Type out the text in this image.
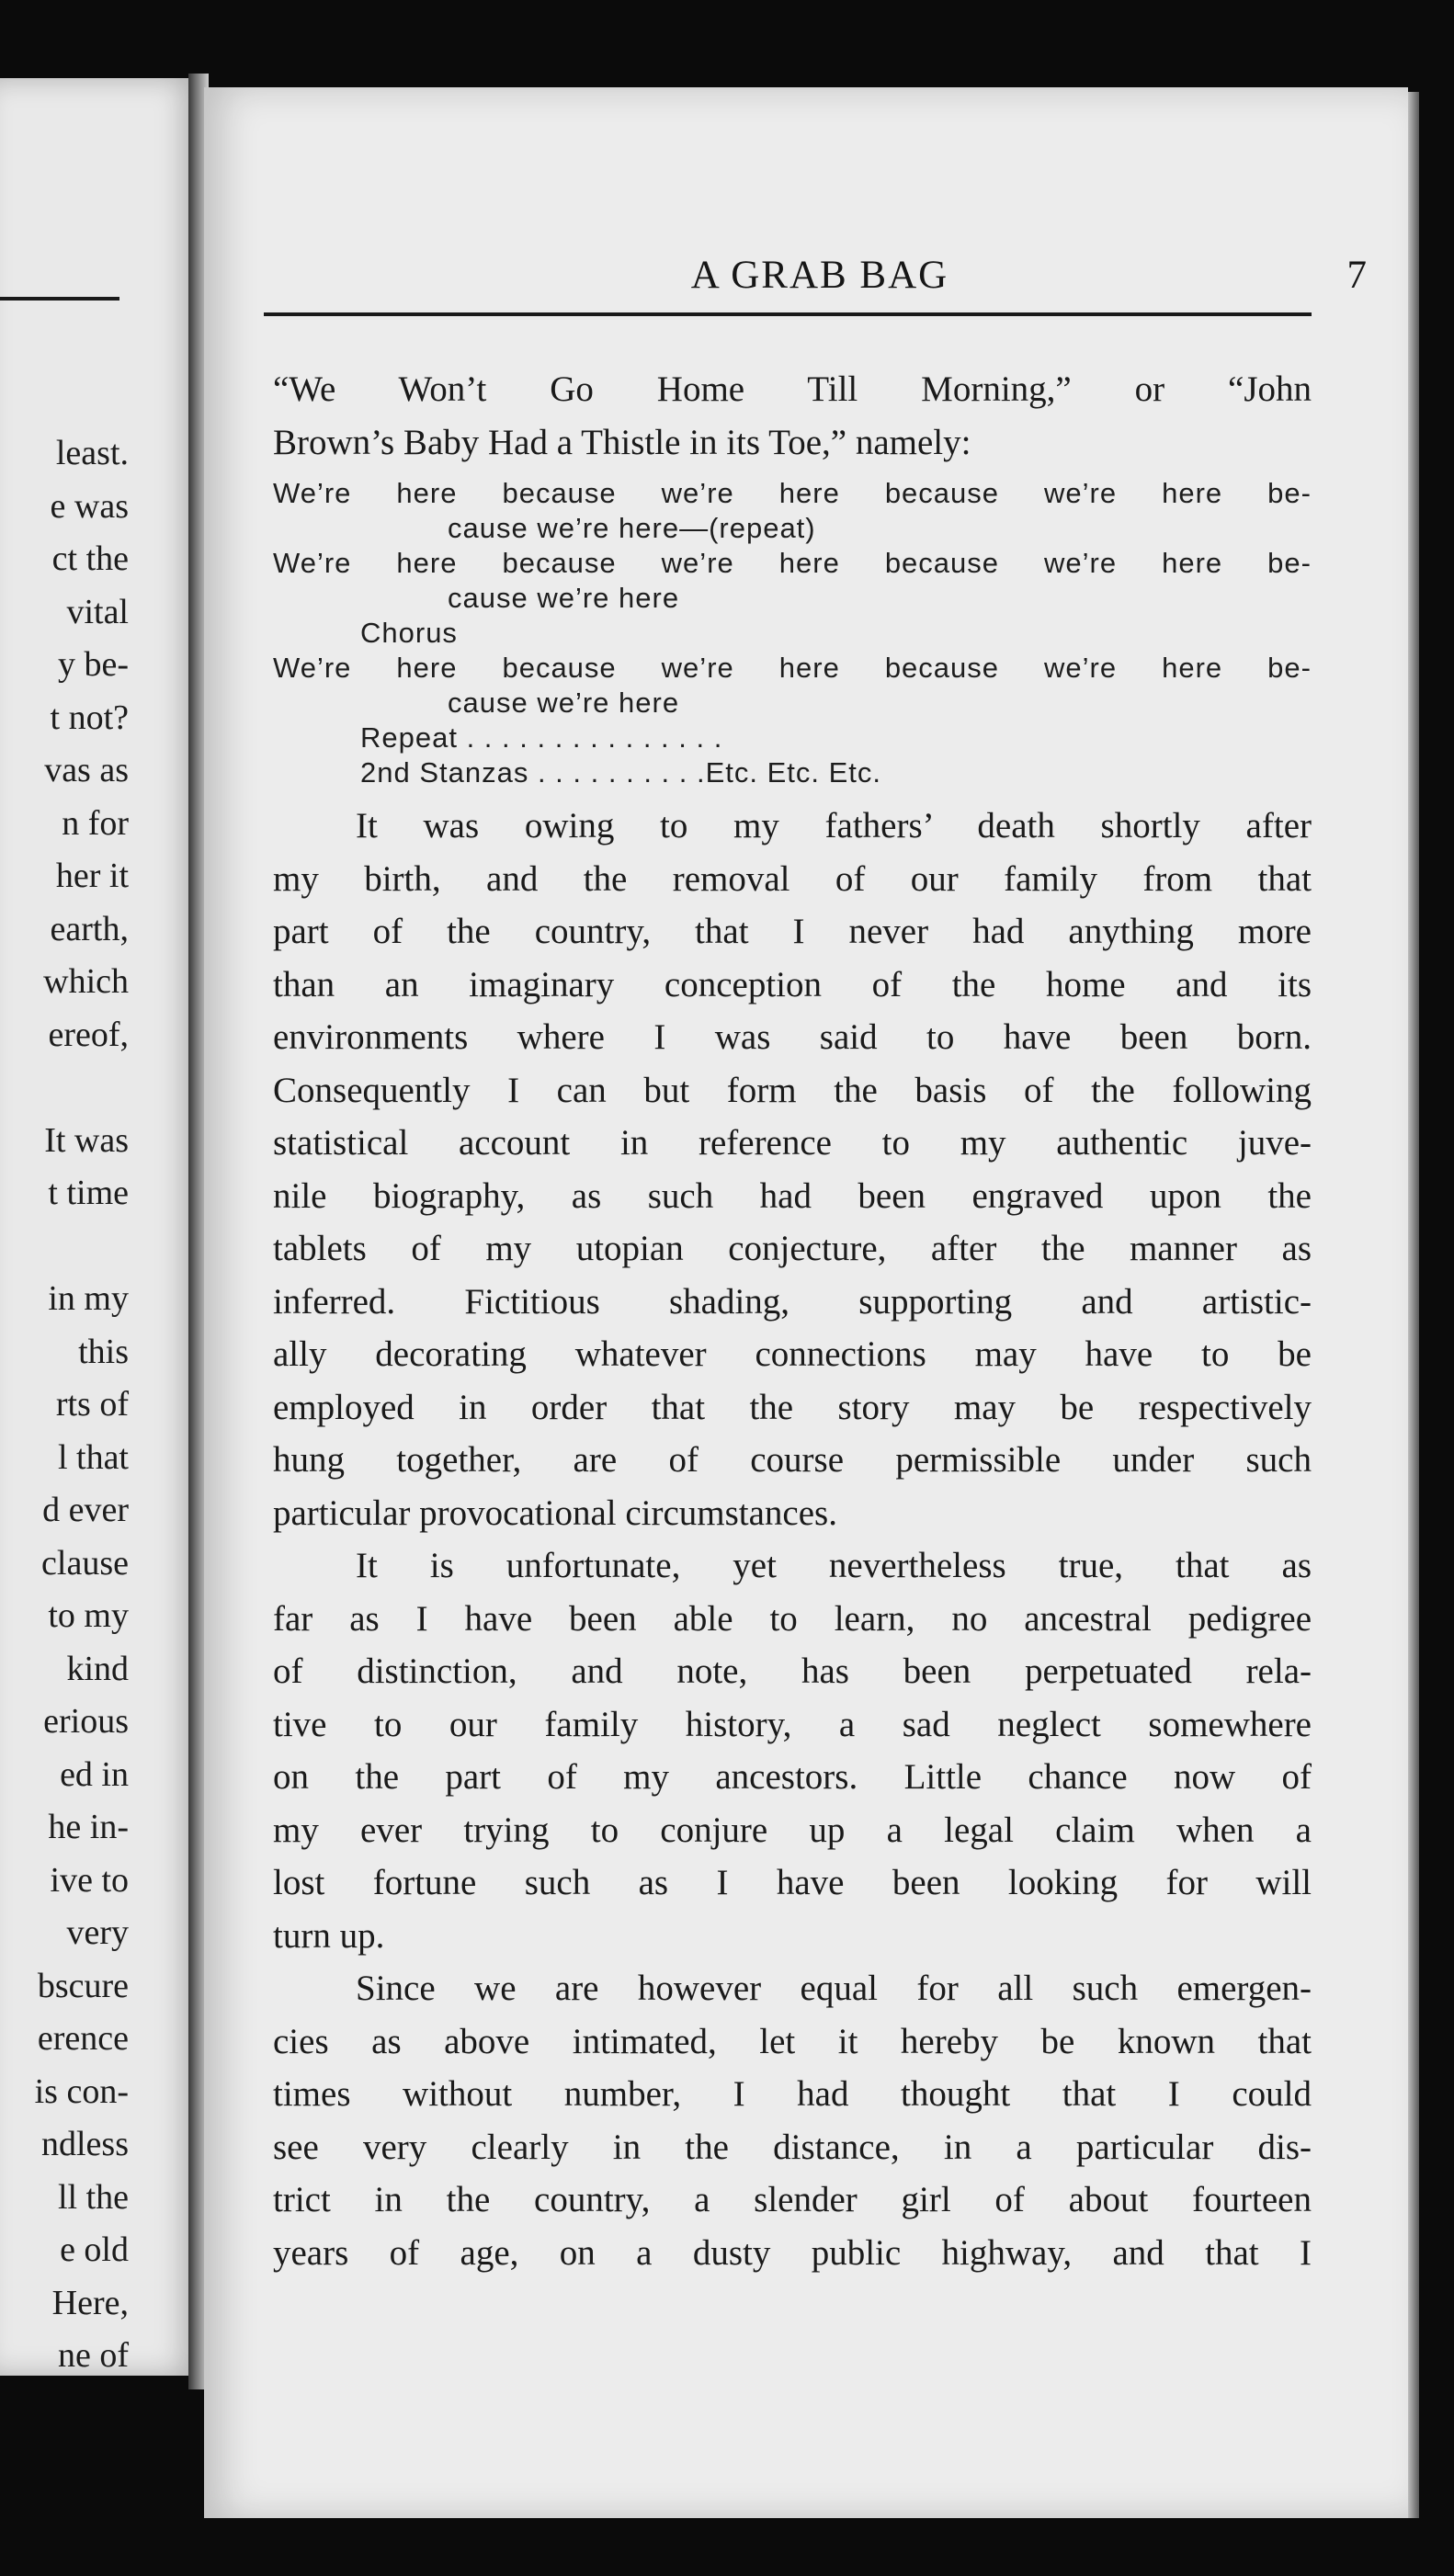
least.
e was
ct the
vital
y be-
t not?
vas as
n for
her it
earth,
which
ereof,
It was
t time
in my
this
rts of
l that
d ever
clause
to my
kind
erious
ed in
he in-
ive to
very
bscure
erence
is con-
ndless
ll the
e old
Here,
ne of
A GRAB BAG	7
“We Won’t Go Home Till Morning,” or “John
Brown’s Baby Had a Thistle in its Toe,” namely:
We’re here because we’re here because we’re here be-
cause we’re here—(repeat)
We’re here because we’re here because we’re here be-
cause we’re here
Chorus
We’re here because we’re here because we’re here be-
cause we’re here
Repeat . . . . . . . . . . . . . . .
2nd Stanzas . . . . . . . . . .Etc. Etc. Etc.
It was owing to my fathers’ death shortly after
my birth, and the removal of our family from that
part of the country, that I never had anything more
than an imaginary conception of the home and its
environments where I was said to have been born.
Consequently I can but form the basis of the following
statistical account in reference to my authentic juve-
nile biography, as such had been engraved upon the
tablets of my utopian conjecture, after the manner as
inferred. Fictitious shading, supporting and artistic-
ally decorating whatever connections may have to be
employed in order that the story may be respectively
hung together, are of course permissible under such
particular provocational circumstances.
It is unfortunate, yet nevertheless true, that as
far as I have been able to learn, no ancestral pedigree
of distinction, and note, has been perpetuated rela-
tive to our family history, a sad neglect somewhere
on the part of my ancestors. Little chance now of
my ever trying to conjure up a legal claim when a
lost fortune such as I have been looking for will
turn up.
Since we are however equal for all such emergen-
cies as above intimated, let it hereby be known that
times without number, I had thought that I could
see very clearly in the distance, in a particular dis-
trict in the country, a slender girl of about fourteen
years of age, on a dusty public highway, and that I
